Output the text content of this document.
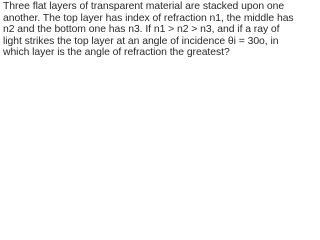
Three flat layers of transparent material are stacked upon one
another. The top layer has index of refraction n1, the middle has
n2 and the bottom one has n3. If n1 > n2 > n3, and if a ray of
light strikes the top layer at an angle of incidence θi = 30o, in
which layer is the angle of refraction the greatest?
